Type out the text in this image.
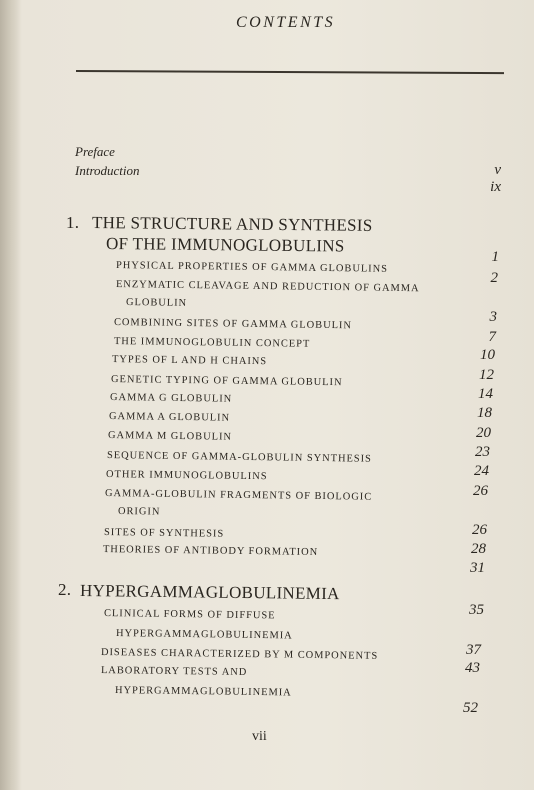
CONTENTS
Preface
v
Introduction
ix
1. THE STRUCTURE AND SYNTHESIS
OF THE IMMUNOGLOBULINS
1
PHYSICAL PROPERTIES OF GAMMA GLOBULINS
2
ENZYMATIC CLEAVAGE AND REDUCTION OF GAMMA
GLOBULIN
3
COMBINING SITES OF GAMMA GLOBULIN
7
THE IMMUNOGLOBULIN CONCEPT
10
TYPES OF L AND H CHAINS
12
GENETIC TYPING OF GAMMA GLOBULIN
14
GAMMA G GLOBULIN
18
GAMMA A GLOBULIN
20
GAMMA M GLOBULIN
23
SEQUENCE OF GAMMA-GLOBULIN SYNTHESIS
24
OTHER IMMUNOGLOBULINS
26
GAMMA-GLOBULIN FRAGMENTS OF BIOLOGIC
ORIGIN
26
SITES OF SYNTHESIS
28
THEORIES OF ANTIBODY FORMATION
31
2. HYPERGAMMAGLOBULINEMIA
35
CLINICAL FORMS OF DIFFUSE
HYPERGAMMAGLOBULINEMIA
37
DISEASES CHARACTERIZED BY M COMPONENTS
43
LABORATORY TESTS AND
HYPERGAMMAGLOBULINEMIA
52
vii
